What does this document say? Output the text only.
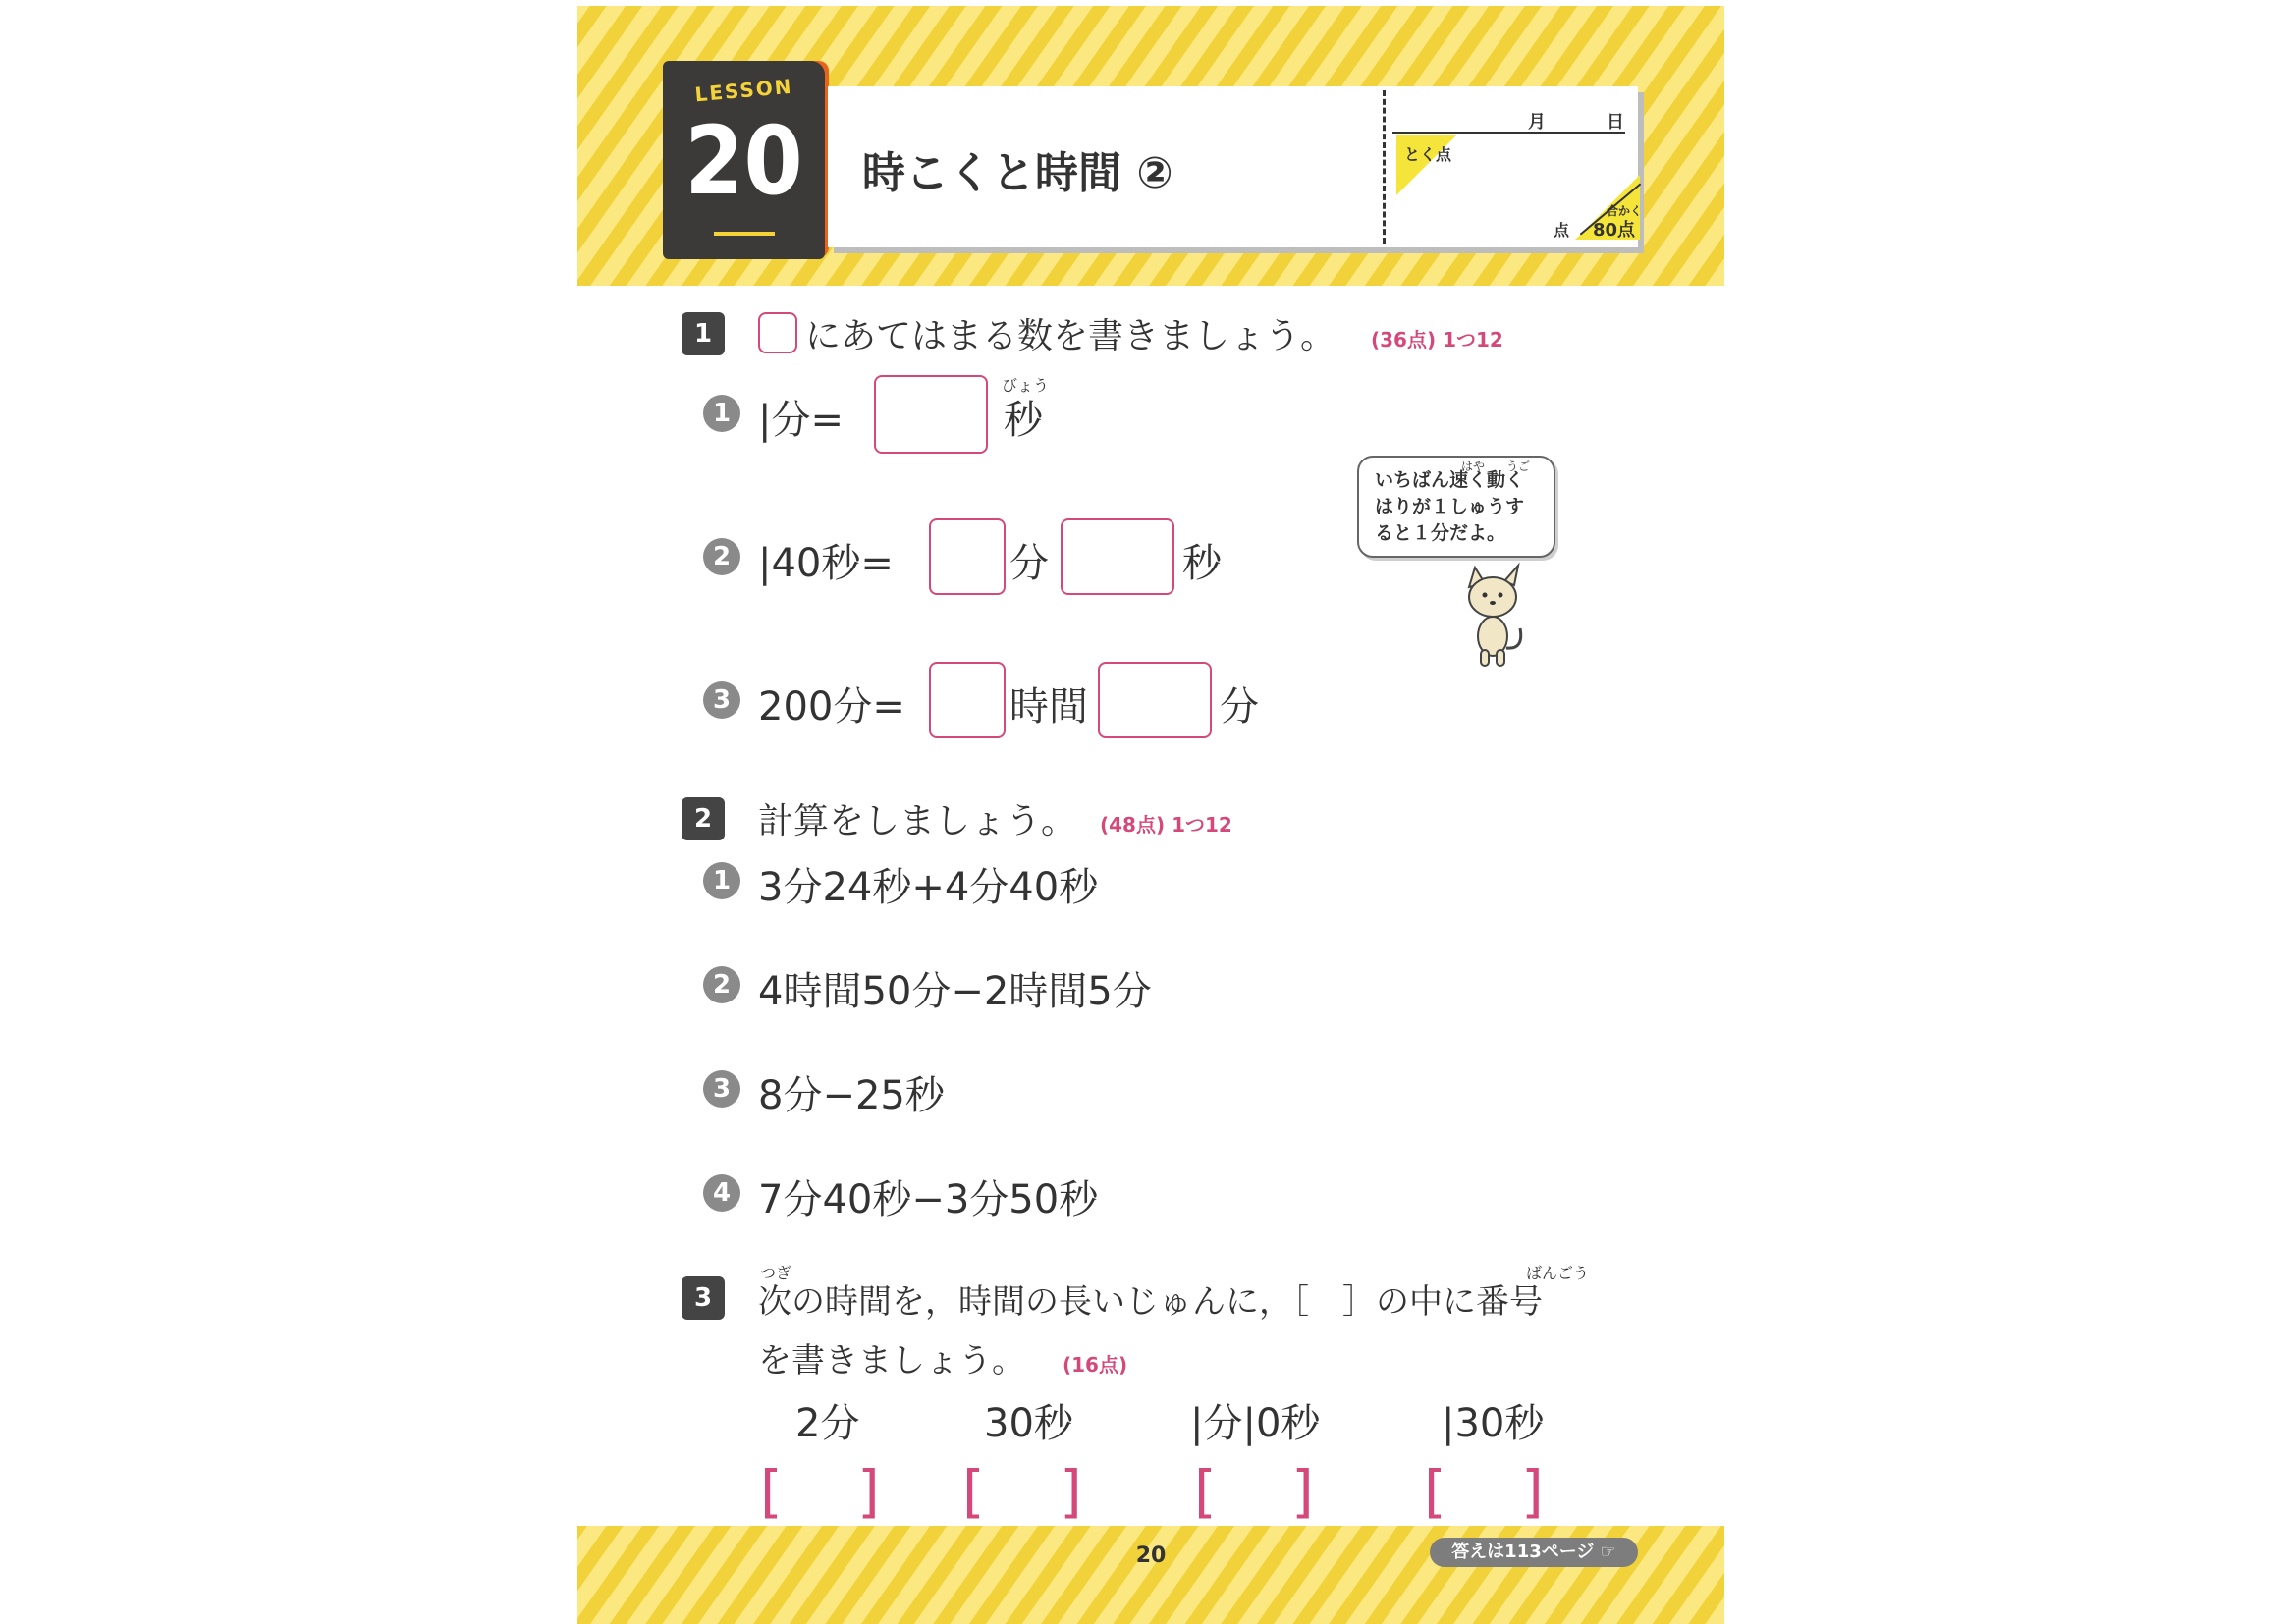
LESSON
20	時こくと時間 ②
月	日
とく点
点
合かく
80点
1	にあてはまる数を書きましょう。 (36点) 1つ12
1 |分=
びょう
秒
2 |40秒=	分	秒
3 200分=	時間	分
はや うご
いちばん速く動く
はりが１しゅうす
ると１分だよ。
2	計算をしましょう。 (48点) 1つ12
1 3分24秒+4分40秒
2 4時間50分−2時間5分
3 8分−25秒
4 7分40秒−3分50秒
3
つぎ	ばんごう
次の時間を，時間の長いじゅんに，［　］の中に番号
を書きましょう。 (16点)
2分	30秒	|分|0秒	|30秒
[　 ] [　 ] [　 ] [　 ]
20	答えは113ページ ☞
